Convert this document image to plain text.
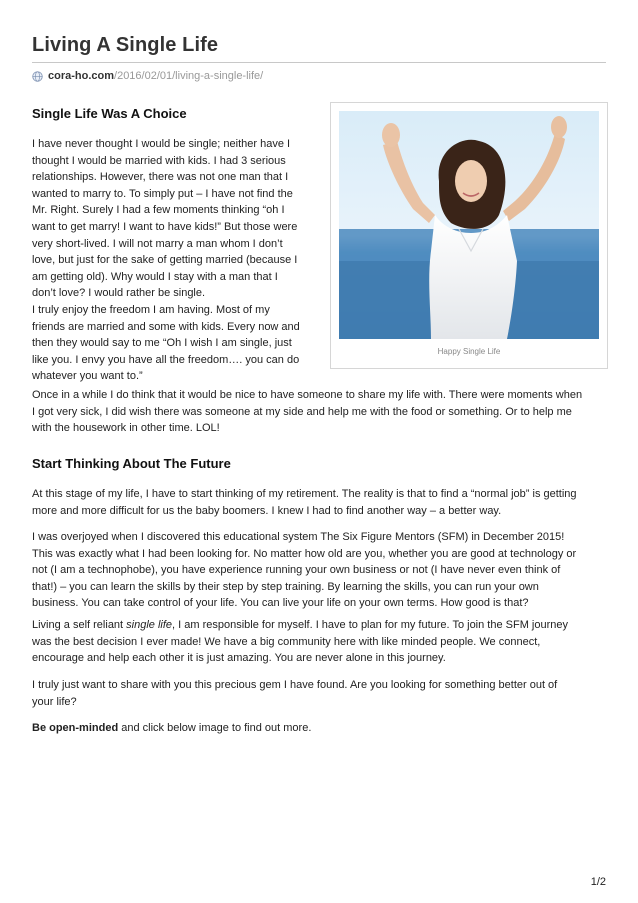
Living A Single Life
cora-ho.com /2016/02/01/living-a-single-life/
Single Life Was A Choice

I have never thought I would be single; neither have I
thought I would be married with kids. I had 3 serious
relationships. However, there was not one man that I
wanted to marry to. To simply put – I have not find the
Mr. Right. Surely I had a few moments thinking “oh I
want to get marry! I want to have kids!” But those were
very short-lived. I will not marry a man whom I don’t
love, but just for the sake of getting married (because I
am getting old). Why would I stay with a man that I
don’t love? I would rather be single.

I truly enjoy the freedom I am having. Most of my
friends are married and some with kids. Every now and
then they would say to me “Oh I wish I am single, just
like you. I envy you have all the freedom…. you can do
whatever you want to.”

Happy Single Life

Once in a while I do think that it would be nice to have someone to share my life with. There were moments when
I got very sick, I did wish there was someone at my side and help me with the food or something. Or to help me
with the housework in other time. LOL!

Start Thinking About The Future

At this stage of my life, I have to start thinking of my retirement. The reality is that to find a “normal job” is getting
more and more difficult for us the baby boomers. I knew I had to find another way – a better way.

I was overjoyed when I discovered this educational system The Six Figure Mentors (SFM) in December 2015!
This was exactly what I had been looking for. No matter how old are you, whether you are good at technology or
not (I am a technophobe), you have experience running your own business or not (I have never even think of
that!) – you can learn the skills by their step by step training. By learning the skills, you can run your own
business. You can take control of your life. You can live your life on your own terms. How good is that?

Living a self reliant single life, I am responsible for myself. I have to plan for my future. To join the SFM journey
was the best decision I ever made! We have a big community here with like minded people. We connect,
encourage and help each other it is just amazing. You are never alone in this journey.

I truly just want to share with you this precious gem I have found. Are you looking for something better out of
your life?

Be open-minded and click below image to find out more.

1/2
